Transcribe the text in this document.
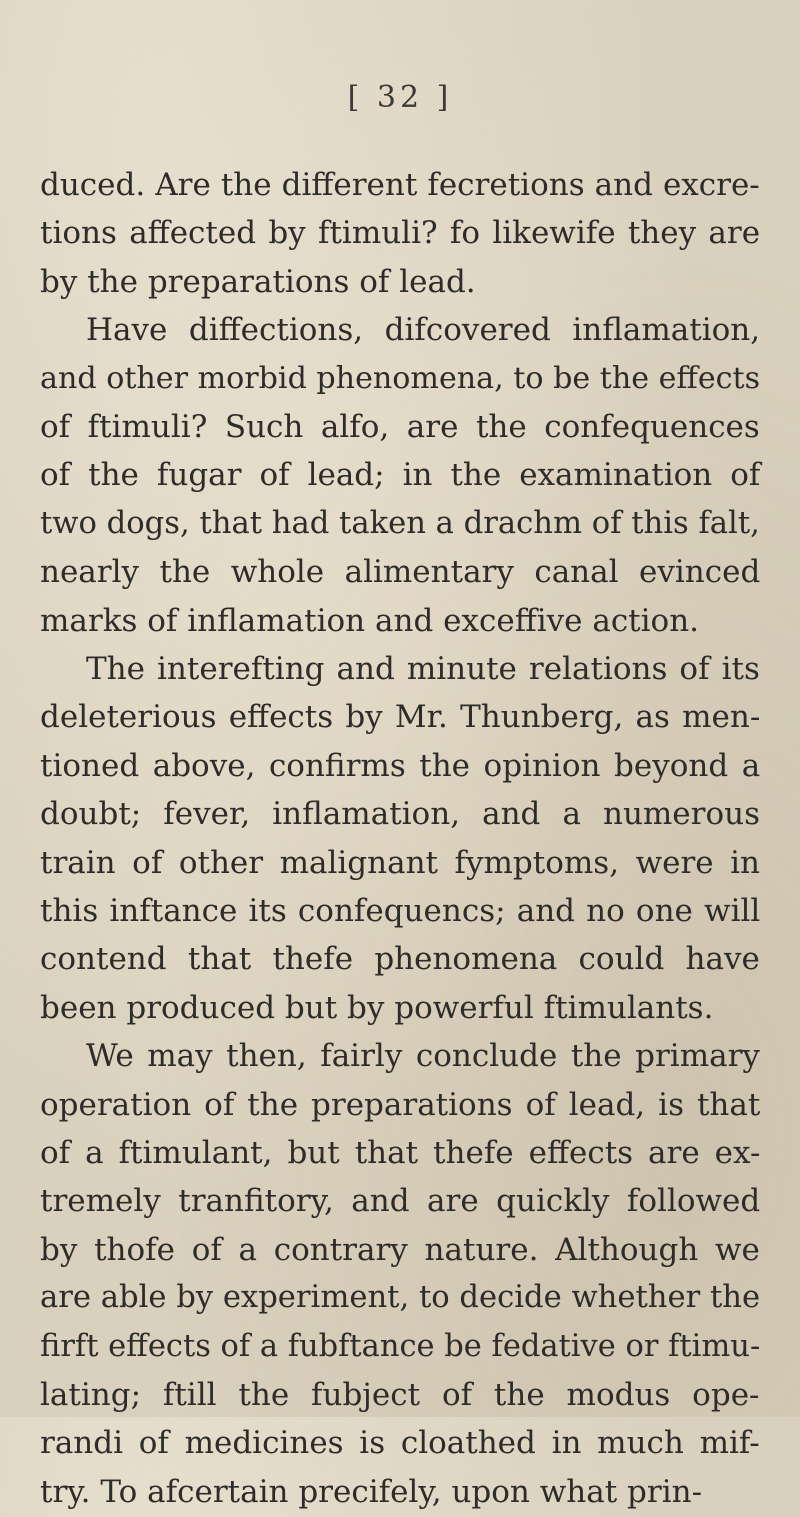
[ 32 ]
duced. Are the different fecretions and excre-
tions affected by ftimuli? fo likewife they are
by the preparations of lead.
Have diffections, difcovered inflamation,
and other morbid phenomena, to be the effects
of ftimuli? Such alfo, are the confequences
of the fugar of lead; in the examination of
two dogs, that had taken a drachm of this falt,
nearly the whole alimentary canal evinced
marks of inflamation and exceffive action.
The interefting and minute relations of its
deleterious effects by Mr. Thunberg, as men-
tioned above, confirms the opinion beyond a
doubt; fever, inflamation, and a numerous
train of other malignant fymptoms, were in
this inftance its confequencs; and no one will
contend that thefe phenomena could have
been produced but by powerful ftimulants.
We may then, fairly conclude the primary
operation of the preparations of lead, is that
of a ftimulant, but that thefe effects are ex-
tremely tranfitory, and are quickly followed
by thofe of a contrary nature. Although we
are able by experiment, to decide whether the
firft effects of a fubftance be fedative or ftimu-
lating; ftill the fubject of the modus ope-
randi of medicines is cloathed in much mif-
try. To afcertain precifely, upon what prin-
